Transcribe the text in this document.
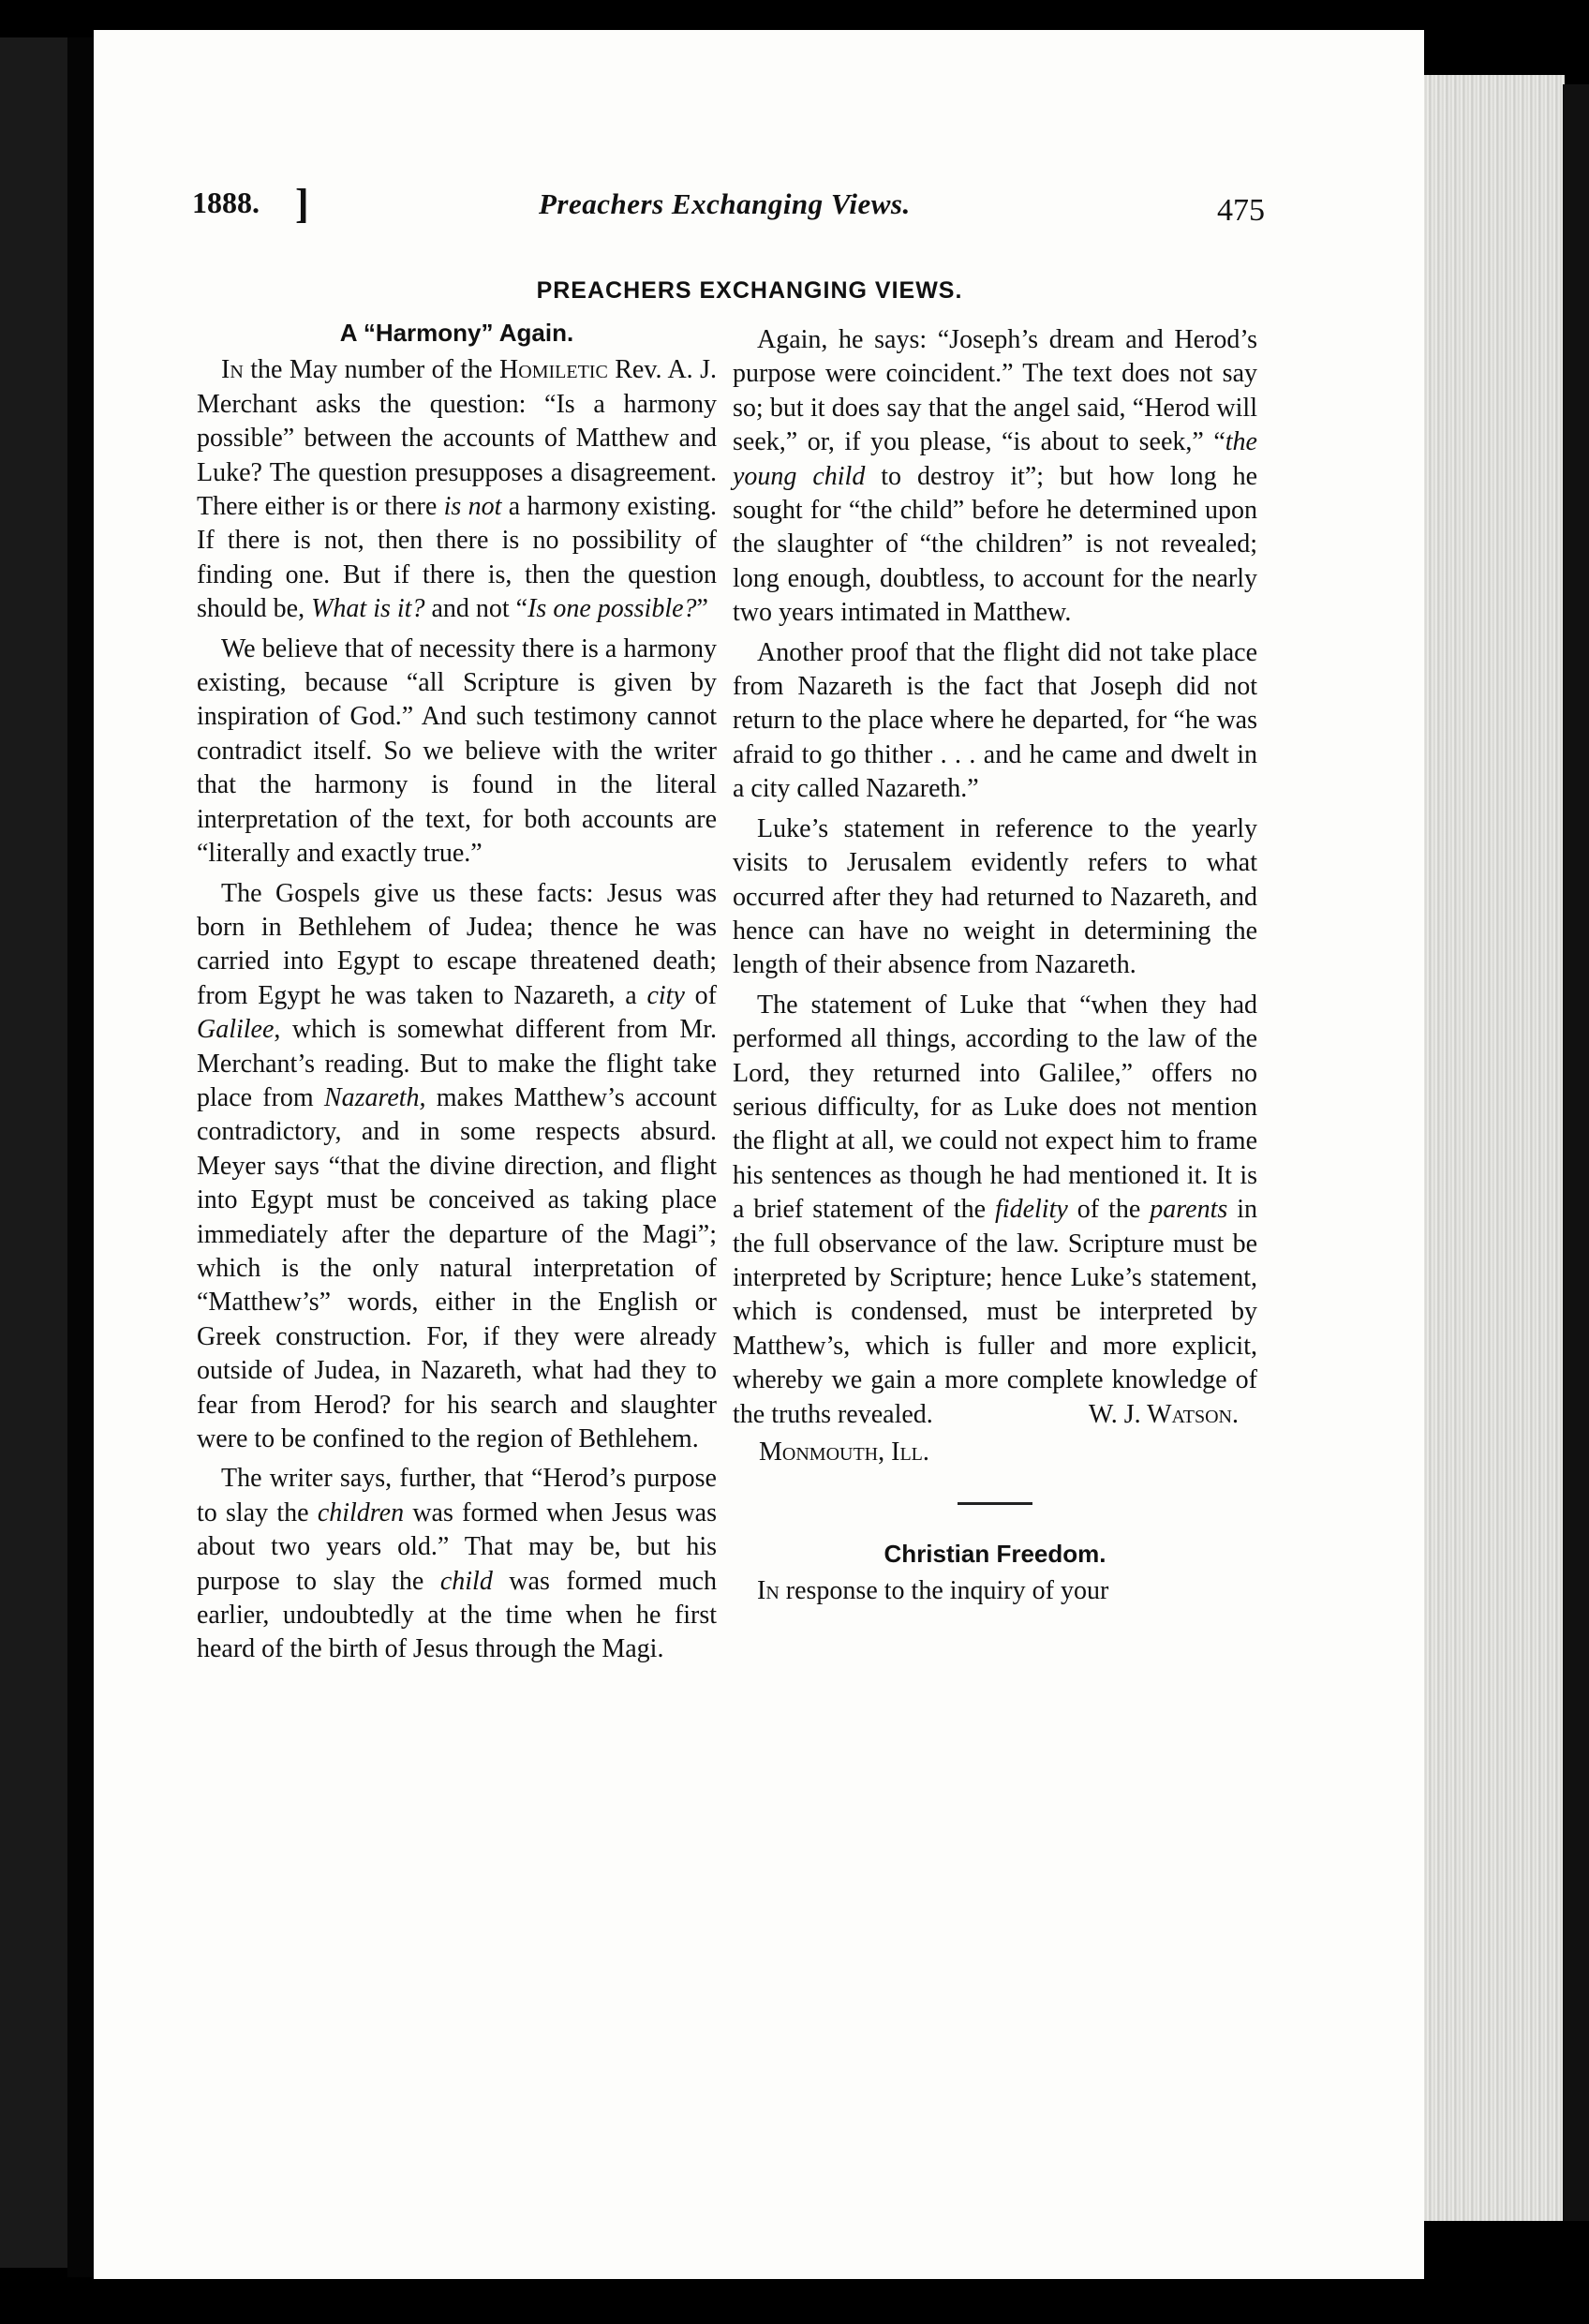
1888. ]	Preachers Exchanging Views.	475
PREACHERS EXCHANGING VIEWS.
A “Harmony” Again.

In the May number of the Homiletic Rev. A. J. Merchant asks the question: “Is a harmony possible” between the accounts of Matthew and Luke? The question presupposes a disagreement. There either is or there is not a harmony existing. If there is not, then there is no possibility of finding one. But if there is, then the question should be, What is it? and not “Is one possible?”

We believe that of necessity there is a harmony existing, because “all Scripture is given by inspiration of God.” And such testimony cannot contradict itself. So we believe with the writer that the harmony is found in the literal interpretation of the text, for both accounts are “literally and exactly true.”

The Gospels give us these facts: Jesus was born in Bethlehem of Judea; thence he was carried into Egypt to escape threatened death; from Egypt he was taken to Nazareth, a city of Galilee, which is somewhat different from Mr. Merchant’s reading. But to make the flight take place from Nazareth, makes Matthew’s account contradictory, and in some respects absurd. Meyer says “that the divine direction, and flight into Egypt must be conceived as taking place immediately after the departure of the Magi”; which is the only natural interpretation of “Matthew’s” words, either in the English or Greek construction. For, if they were already outside of Judea, in Nazareth, what had they to fear from Herod? for his search and slaughter were to be confined to the region of Bethlehem.

The writer says, further, that “Herod’s purpose to slay the children was formed when Jesus was about two years old.” That may be, but his purpose to slay the child was formed much earlier, undoubtedly at the time when he first heard of the birth of Jesus through the Magi.

Again, he says: “Joseph’s dream and Herod’s purpose were coincident.” The text does not say so; but it does say that the angel said, “Herod will seek,” or, if you please, “is about to seek,” “the young child to destroy it”; but how long he sought for “the child” before he determined upon the slaughter of “the children” is not revealed; long enough, doubtless, to account for the nearly two years intimated in Matthew.

Another proof that the flight did not take place from Nazareth is the fact that Joseph did not return to the place where he departed, for “he was afraid to go thither . . . and he came and dwelt in a city called Nazareth.”

Luke’s statement in reference to the yearly visits to Jerusalem evidently refers to what occurred after they had returned to Nazareth, and hence can have no weight in determining the length of their absence from Nazareth.

The statement of Luke that “when they had performed all things, according to the law of the Lord, they returned into Galilee,” offers no serious difficulty, for as Luke does not mention the flight at all, we could not expect him to frame his sentences as though he had mentioned it. It is a brief statement of the fidelity of the parents in the full observance of the law. Scripture must be interpreted by Scripture; hence Luke’s statement, which is condensed, must be interpreted by Matthew’s, which is fuller and more explicit, whereby we gain a more complete knowledge of the truths revealed.	W. J. Watson.
Monmouth, Ill.
Christian Freedom.

In response to the inquiry of your
